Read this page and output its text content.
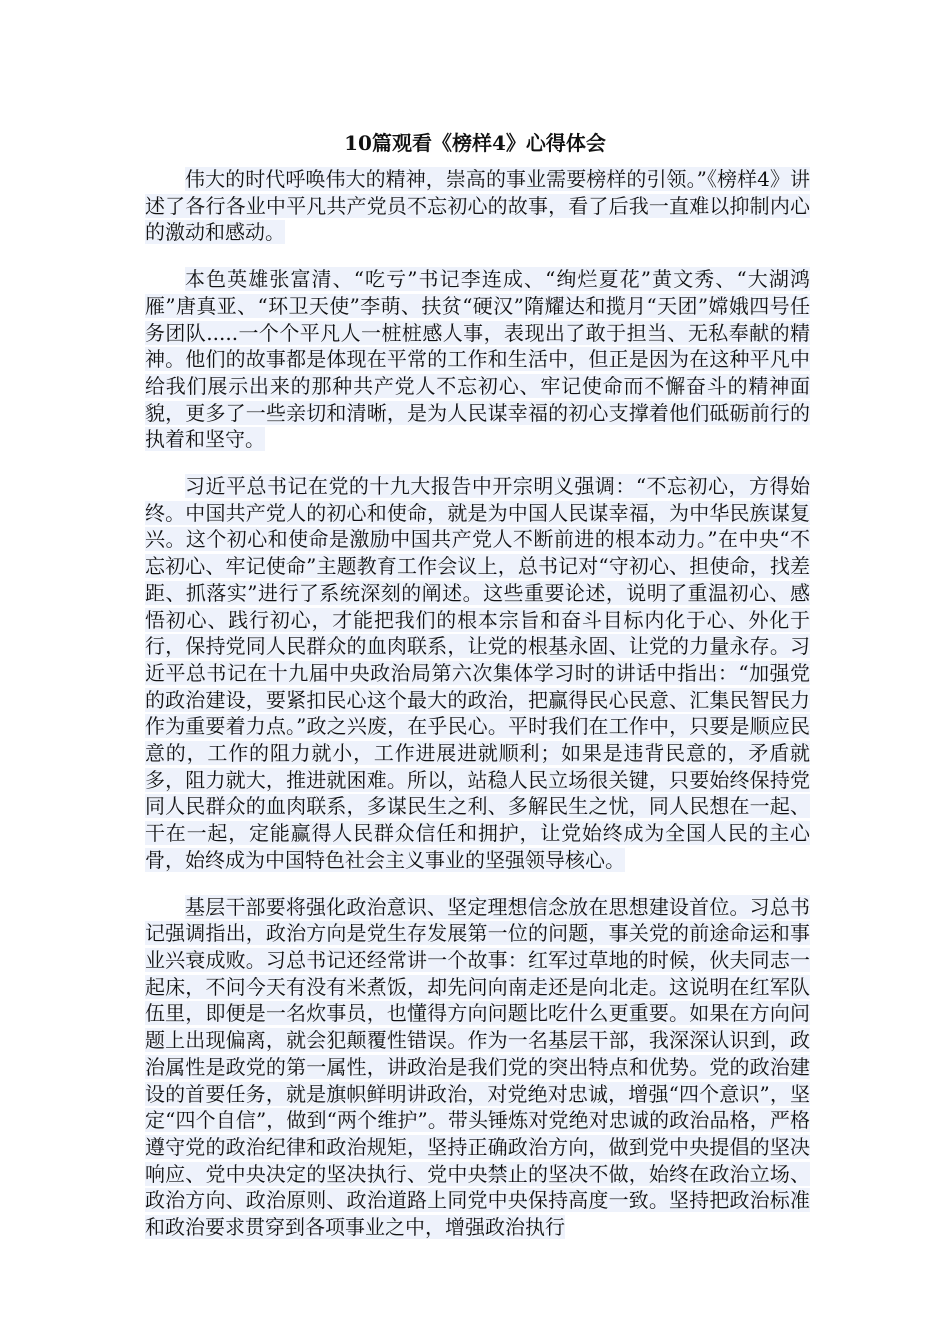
10篇观看《榜样4》心得体会

伟大的时代呼唤伟大的精神，崇高的事业需要榜样的引领。”《榜样4》讲述了各行各业中平凡共产党员不忘初心的故事，看了后我一直难以抑制内心的激动和感动。

本色英雄张富清、“吃亏”书记李连成、“绚烂夏花”黄文秀、“大湖鸿雁”唐真亚、“环卫天使”李萌、扶贫“硬汉”隋耀达和揽月“天团”嫦娥四号任务团队.....一个个平凡人一桩桩感人事，表现出了敢于担当、无私奉献的精神。他们的故事都是体现在平常的工作和生活中，但正是因为在这种平凡中给我们展示出来的那种共产党人不忘初心、牢记使命而不懈奋斗的精神面貌，更多了一些亲切和清晰，是为人民谋幸福的初心支撑着他们砥砺前行的执着和坚守。

习近平总书记在党的十九大报告中开宗明义强调：“不忘初心，方得始终。中国共产党人的初心和使命，就是为中国人民谋幸福，为中华民族谋复兴。这个初心和使命是激励中国共产党人不断前进的根本动力。”在中央“不忘初心、牢记使命”主题教育工作会议上，总书记对“守初心、担使命，找差距、抓落实”进行了系统深刻的阐述。这些重要论述，说明了重温初心、感悟初心、践行初心，才能把我们的根本宗旨和奋斗目标内化于心、外化于行，保持党同人民群众的血肉联系，让党的根基永固、让党的力量永存。习近平总书记在十九届中央政治局第六次集体学习时的讲话中指出：“加强党的政治建设，要紧扣民心这个最大的政治，把赢得民心民意、汇集民智民力作为重要着力点。”政之兴废，在乎民心。平时我们在工作中，只要是顺应民意的，工作的阻力就小，工作进展进就顺利；如果是违背民意的，矛盾就多，阻力就大，推进就困难。所以，站稳人民立场很关键，只要始终保持党同人民群众的血肉联系，多谋民生之利、多解民生之忧，同人民想在一起、干在一起，定能赢得人民群众信任和拥护，让党始终成为全国人民的主心骨，始终成为中国特色社会主义事业的坚强领导核心。

基层干部要将强化政治意识、坚定理想信念放在思想建设首位。习总书记强调指出，政治方向是党生存发展第一位的问题，事关党的前途命运和事业兴衰成败。习总书记还经常讲一个故事：红军过草地的时候，伙夫同志一起床，不问今天有没有米煮饭，却先问向南走还是向北走。这说明在红军队伍里，即便是一名炊事员，也懂得方向问题比吃什么更重要。如果在方向问题上出现偏离，就会犯颠覆性错误。作为一名基层干部，我深深认识到，政治属性是政党的第一属性，讲政治是我们党的突出特点和优势。党的政治建设的首要任务，就是旗帜鲜明讲政治，对党绝对忠诚，增强“四个意识”，坚定“四个自信”，做到“两个维护”。带头锤炼对党绝对忠诚的政治品格，严格遵守党的政治纪律和政治规矩，坚持正确政治方向，做到党中央提倡的坚决响应、党中央决定的坚决执行、党中央禁止的坚决不做，始终在政治立场、政治方向、政治原则、政治道路上同党中央保持高度一致。坚持把政治标准和政治要求贯穿到各项事业之中，增强政治执行
